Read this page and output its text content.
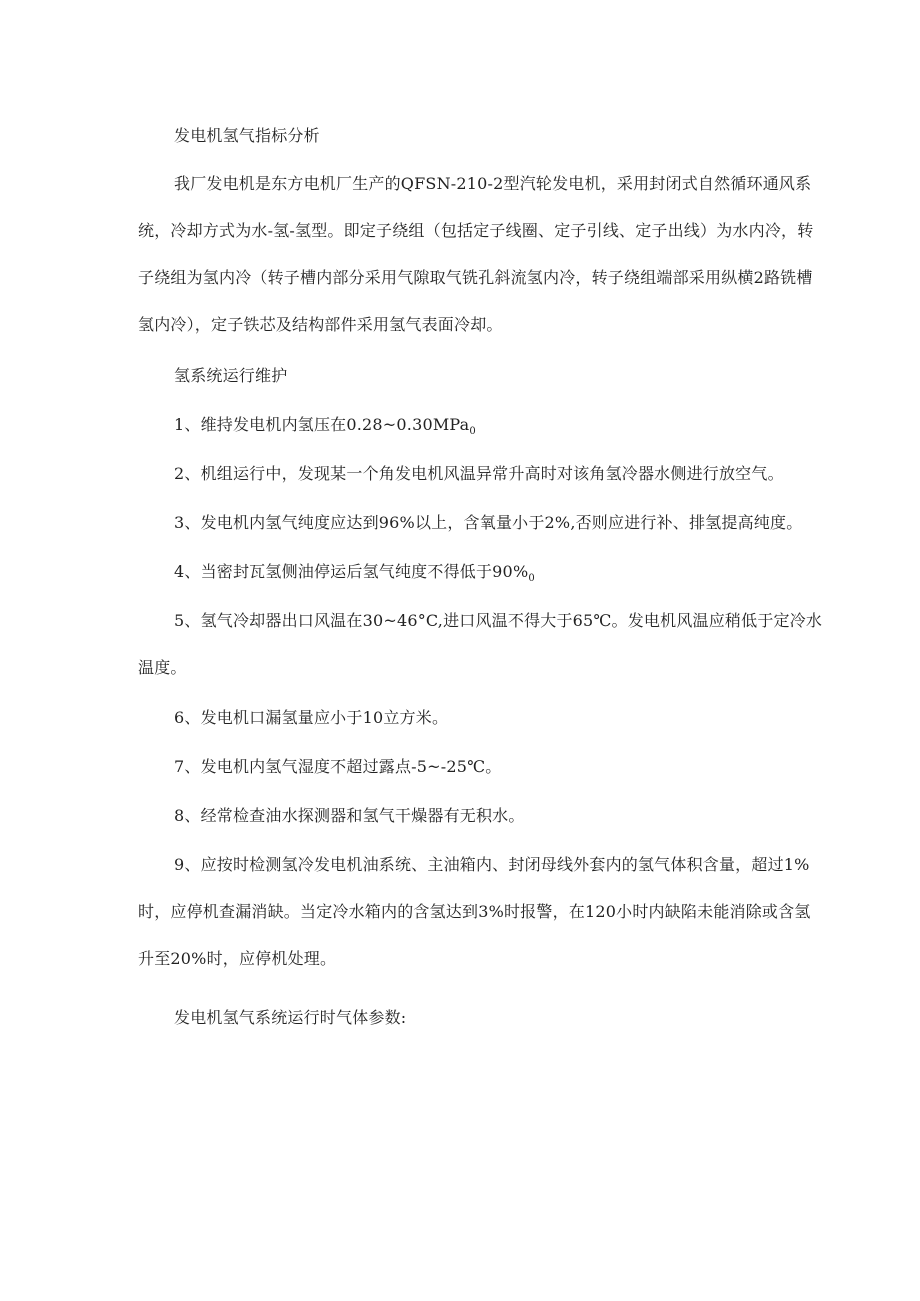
发电机氢气指标分析

我厂发电机是东方电机厂生产的QFSN-210-2型汽轮发电机，采用封闭式自然循环通风系统，冷却方式为水-氢-氢型。即定子绕组（包括定子线圈、定子引线、定子出线）为水内冷，转子绕组为氢内冷（转子槽内部分采用气隙取气铣孔斜流氢内冷，转子绕组端部采用纵横2路铣槽氢内冷），定子铁芯及结构部件采用氢气表面冷却。

氢系统运行维护

1、维持发电机内氢压在0.28~0.30MPa$_0$

2、机组运行中，发现某一个角发电机风温异常升高时对该角氢冷器水侧进行放空气。

3、发电机内氢气纯度应达到96%以上，含氧量小于2%,否则应进行补、排氢提高纯度。

4、当密封瓦氢侧油停运后氢气纯度不得低于$90\%_0$

5、氢气冷却器出口风温在30~46°C,进口风温不得大于65℃。发电机风温应稍低于定冷水温度。

6、发电机口漏氢量应小于10立方米。

7、发电机内氢气湿度不超过露点-5~-25℃。

8、经常检查油水探测器和氢气干燥器有无积水。

9、应按时检测氢冷发电机油系统、主油箱内、封闭母线外套内的氢气体积含量，超过1%时，应停机查漏消缺。当定冷水箱内的含氢达到3%时报警，在120小时内缺陷未能消除或含氢升至20%时，应停机处理。

发电机氢气系统运行时气体参数:
